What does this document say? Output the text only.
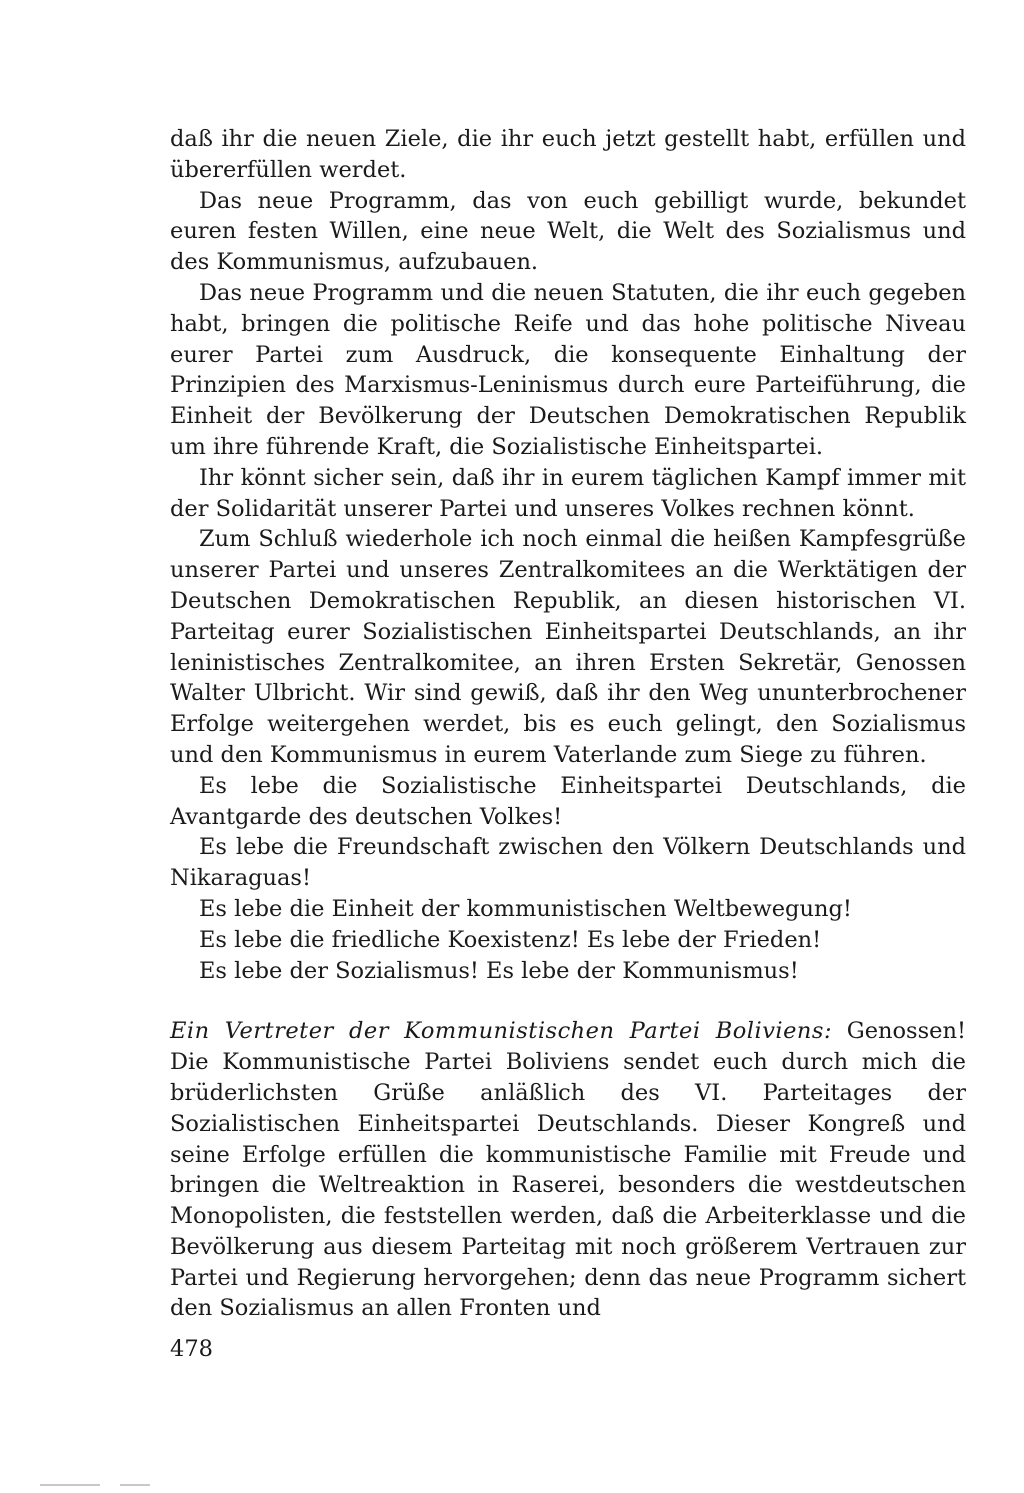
daß ihr die neuen Ziele, die ihr euch jetzt gestellt habt, erfüllen und übererfüllen werdet.

Das neue Programm, das von euch gebilligt wurde, bekundet euren festen Willen, eine neue Welt, die Welt des Sozialismus und des Kommunismus, aufzubauen.

Das neue Programm und die neuen Statuten, die ihr euch gegeben habt, bringen die politische Reife und das hohe politische Niveau eurer Partei zum Ausdruck, die konsequente Einhaltung der Prinzipien des Marxismus-Leninismus durch eure Parteiführung, die Einheit der Bevölkerung der Deutschen Demokratischen Republik um ihre führende Kraft, die Sozialistische Einheitspartei.

Ihr könnt sicher sein, daß ihr in eurem täglichen Kampf immer mit der Solidarität unserer Partei und unseres Volkes rechnen könnt.

Zum Schluß wiederhole ich noch einmal die heißen Kampfesgrüße unserer Partei und unseres Zentralkomitees an die Werktätigen der Deutschen Demokratischen Republik, an diesen historischen VI. Parteitag eurer Sozialistischen Einheitspartei Deutschlands, an ihr leninistisches Zentralkomitee, an ihren Ersten Sekretär, Genossen Walter Ulbricht. Wir sind gewiß, daß ihr den Weg ununterbrochener Erfolge weitergehen werdet, bis es euch gelingt, den Sozialismus und den Kommunismus in eurem Vaterlande zum Siege zu führen.

Es lebe die Sozialistische Einheitspartei Deutschlands, die Avantgarde des deutschen Volkes!

Es lebe die Freundschaft zwischen den Völkern Deutschlands und Nikaraguas!

Es lebe die Einheit der kommunistischen Weltbewegung!

Es lebe die friedliche Koexistenz! Es lebe der Frieden!

Es lebe der Sozialismus! Es lebe der Kommunismus!

Ein Vertreter der Kommunistischen Partei Boliviens: Genossen! Die Kommunistische Partei Boliviens sendet euch durch mich die brüderlichsten Grüße anläßlich des VI. Parteitages der Sozialistischen Einheitspartei Deutschlands. Dieser Kongreß und seine Erfolge erfüllen die kommunistische Familie mit Freude und bringen die Weltreaktion in Raserei, besonders die westdeutschen Monopolisten, die feststellen werden, daß die Arbeiterklasse und die Bevölkerung aus diesem Parteitag mit noch größerem Vertrauen zur Partei und Regierung hervorgehen; denn das neue Programm sichert den Sozialismus an allen Fronten und

478
